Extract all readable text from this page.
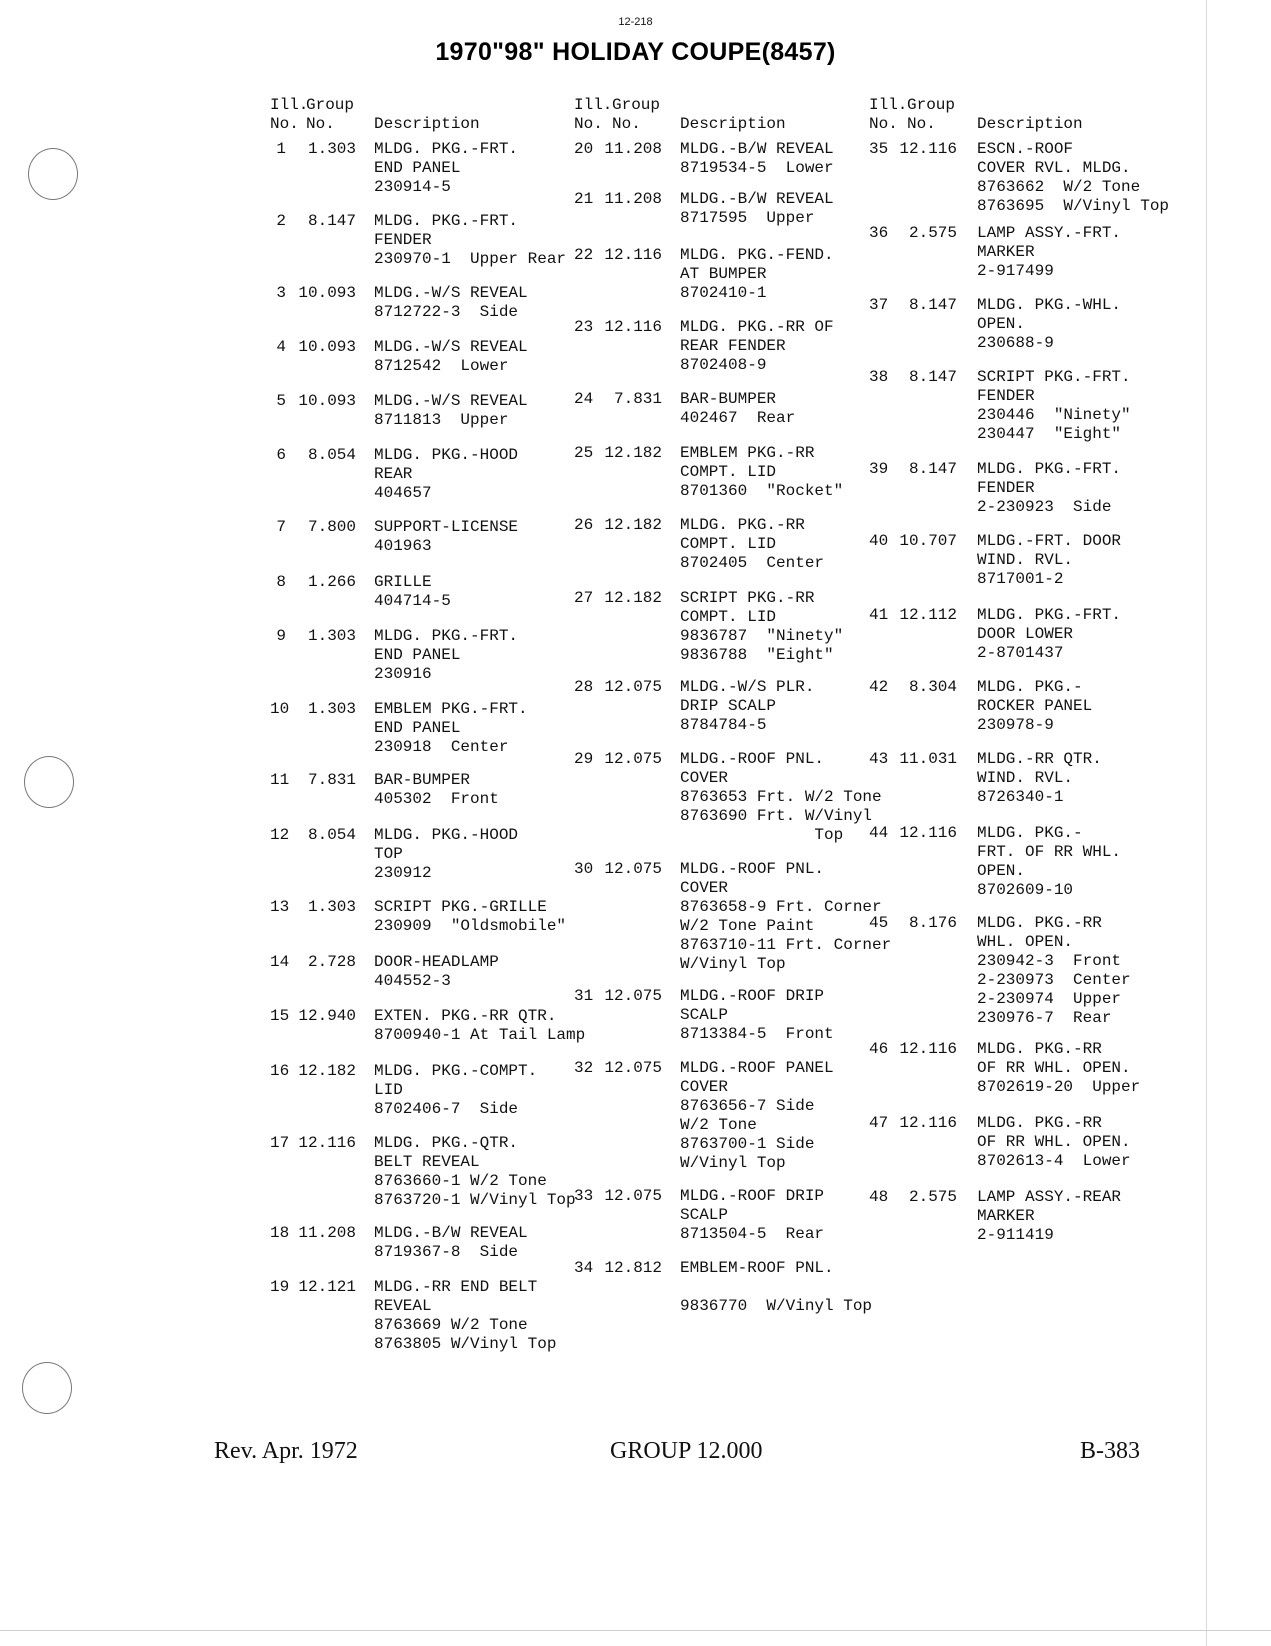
12-218
1970"98" HOLIDAY COUPE(8457)
Ill.
No.
Group
No. Description
1	1.303 MLDG. PKG.-FRT.
END PANEL
230914-5
2	8.147 MLDG. PKG.-FRT.
FENDER
230970-1  Upper Rear
3 10.093 MLDG.-W/S REVEAL
8712722-3  Side
4 10.093 MLDG.-W/S REVEAL
8712542  Lower
5 10.093 MLDG.-W/S REVEAL
8711813  Upper
6	8.054 MLDG. PKG.-HOOD
REAR
404657
7	7.800 SUPPORT-LICENSE
401963
8	1.266 GRILLE
404714-5
9	1.303 MLDG. PKG.-FRT.
END PANEL
230916
10	1.303 EMBLEM PKG.-FRT.
END PANEL
230918  Center
11	7.831 BAR-BUMPER
405302  Front
12	8.054 MLDG. PKG.-HOOD
TOP
230912
13	1.303 SCRIPT PKG.-GRILLE
230909  "Oldsmobile"
14	2.728 DOOR-HEADLAMP
404552-3
15 12.940 EXTEN. PKG.-RR QTR.
8700940-1 At Tail Lamp
16 12.182 MLDG. PKG.-COMPT.
LID
8702406-7  Side
17 12.116 MLDG. PKG.-QTR.
BELT REVEAL
8763660-1 W/2 Tone
8763720-1 W/Vinyl Top
18 11.208 MLDG.-B/W REVEAL
8719367-8  Side
19 12.121 MLDG.-RR END BELT
REVEAL
8763669 W/2 Tone
8763805 W/Vinyl Top
Ill.
No.
Group
No. Description
20 11.208 MLDG.-B/W REVEAL
8719534-5  Lower
21 11.208 MLDG.-B/W REVEAL
8717595  Upper
22 12.116 MLDG. PKG.-FEND.
AT BUMPER
8702410-1
23 12.116 MLDG. PKG.-RR OF
REAR FENDER
8702408-9
24	7.831 BAR-BUMPER
402467  Rear
25 12.182 EMBLEM PKG.-RR
COMPT. LID
8701360  "Rocket"
26 12.182 MLDG. PKG.-RR
COMPT. LID
8702405  Center
27 12.182 SCRIPT PKG.-RR
COMPT. LID
9836787  "Ninety"
9836788  "Eight"
28 12.075 MLDG.-W/S PLR.
DRIP SCALP
8784784-5
29 12.075 MLDG.-ROOF PNL.
COVER
8763653 Frt. W/2 Tone
8763690 Frt. W/Vinyl
Top
30 12.075 MLDG.-ROOF PNL.
COVER
8763658-9 Frt. Corner
W/2 Tone Paint
8763710-11 Frt. Corner
W/Vinyl Top
31 12.075 MLDG.-ROOF DRIP
SCALP
8713384-5  Front
32 12.075 MLDG.-ROOF PANEL
COVER
8763656-7 Side
W/2 Tone
8763700-1 Side
W/Vinyl Top
33 12.075 MLDG.-ROOF DRIP
SCALP
8713504-5  Rear
34 12.812 EMBLEM-ROOF PNL.

9836770  W/Vinyl Top
Ill.
No.
Group
No.	Description
35 12.116 ESCN.-ROOF
COVER RVL. MLDG.
8763662  W/2 Tone
8763695  W/Vinyl Top
36	2.575 LAMP ASSY.-FRT.
MARKER
2-917499
37	8.147 MLDG. PKG.-WHL.
OPEN.
230688-9
38	8.147 SCRIPT PKG.-FRT.
FENDER
230446  "Ninety"
230447  "Eight"
39	8.147 MLDG. PKG.-FRT.
FENDER
2-230923  Side
40 10.707 MLDG.-FRT. DOOR
WIND. RVL.
8717001-2
41 12.112 MLDG. PKG.-FRT.
DOOR LOWER
2-8701437
42	8.304 MLDG. PKG.-
ROCKER PANEL
230978-9
43 11.031 MLDG.-RR QTR.
WIND. RVL.
8726340-1
44 12.116 MLDG. PKG.-
FRT. OF RR WHL.
OPEN.
8702609-10
45	8.176 MLDG. PKG.-RR
WHL. OPEN.
230942-3  Front
2-230973  Center
2-230974  Upper
230976-7  Rear
46 12.116 MLDG. PKG.-RR
OF RR WHL. OPEN.
8702619-20  Upper
47 12.116 MLDG. PKG.-RR
OF RR WHL. OPEN.
8702613-4  Lower
48	2.575 LAMP ASSY.-REAR
MARKER
2-911419
Rev. Apr. 1972	GROUP 12.000	B-383
